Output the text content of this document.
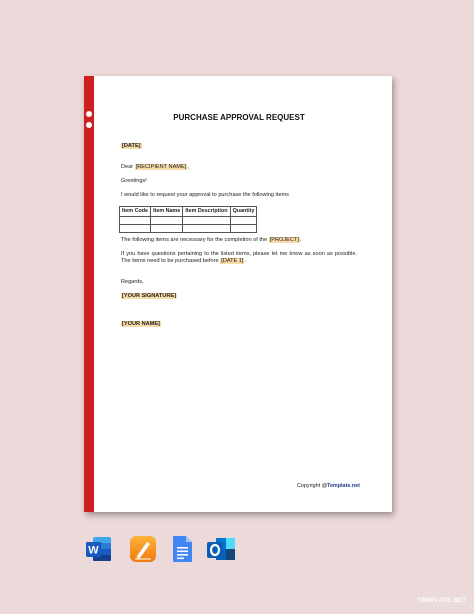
PURCHASE APPROVAL REQUEST
[DATE]
Dear [RECIPIENT NAME],
Greetings!
I would like to request your approval to purchase the following items
Item Code	Item Name	Item Description	Quantity

The following items are necessary for the completion of the [PROJECT].
If you have questions pertaining to the listed items, please let me know as soon as possible. The items need to be purchased before [DATE 1].
Regards,
[YOUR SIGNATURE]
[YOUR NAME]
Copyright @Template.net
W
TEMPLATE.NET
